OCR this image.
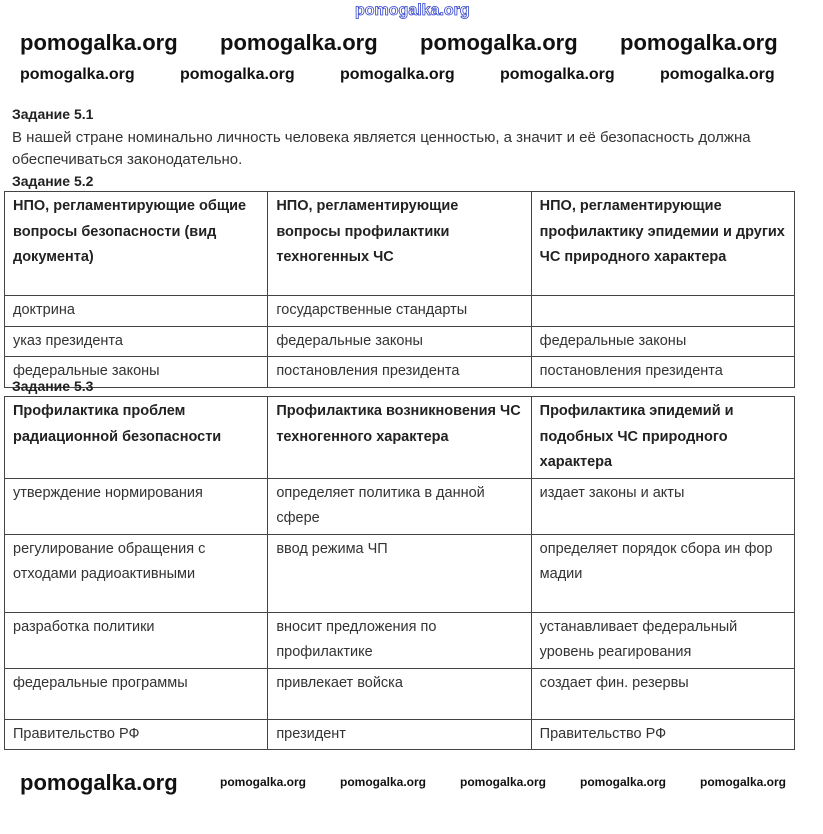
pomogalka.org
Задание 5.1
В нашей стране номинально личность человека является ценностью, а значит и её безопасность должна обеспечиваться законодательно.
Задание 5.2
НПО, регламентирующие общие вопросы безопасности (вид документа)	НПО, регламентирующие вопросы профилактики техногенных ЧС	НПО, регламентирующие профилактику эпидемии и других ЧС природного характера
доктрина	государственные стандарты	
указ президента	федеральные законы	федеральные законы
федеральные законы	постановления президента	постановления президента
Задание 5.3
Профилактика проблем радиационной безопасности	Профилактика возникновения ЧС техногенного характера	Профилактика эпидемий и подобных ЧС природного характера
утверждение нормирования	определяет политика в данной сфере	издает законы и акты
регулирование обращения с отходами радиоактивными	ввод режима ЧП	определяет порядок сбора ин фор мадии
разработка политики	вносит предложения по профилактике	устанавливает федеральный уровень реагирования
федеральные программы	привлекает войска	создает фин. резервы
Правительство РФ	президент	Правительство РФ
pomogalka.org pomogalka.org pomogalka.org pomogalka.org
pomogalka.org	pomogalka.org	pomogalka.org	pomogalka.org	pomogalka.org
pomogalka.org	pomogalka.org	pomogalka.org	pomogalka.org	pomogalka.org	pomogalka.org
